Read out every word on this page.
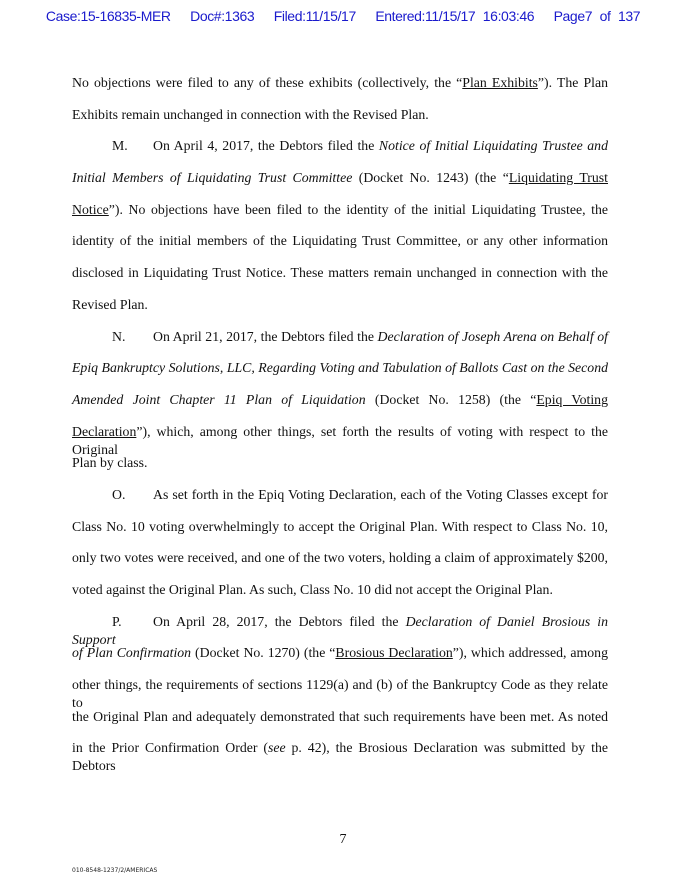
Case:15-16835-MER Doc#:1363 Filed:11/15/17 Entered:11/15/17 16:03:46 Page7 of 137
No objections were filed to any of these exhibits (collectively, the “Plan Exhibits”). The Plan
Exhibits remain unchanged in connection with the Revised Plan.
M. On April 4, 2017, the Debtors filed the Notice of Initial Liquidating Trustee and
Initial Members of Liquidating Trust Committee (Docket No. 1243) (the “Liquidating Trust
Notice”). No objections have been filed to the identity of the initial Liquidating Trustee, the
identity of the initial members of the Liquidating Trust Committee, or any other information
disclosed in Liquidating Trust Notice. These matters remain unchanged in connection with the
Revised Plan.
N. On April 21, 2017, the Debtors filed the Declaration of Joseph Arena on Behalf of
Epiq Bankruptcy Solutions, LLC, Regarding Voting and Tabulation of Ballots Cast on the Second
Amended Joint Chapter 11 Plan of Liquidation (Docket No. 1258) (the “Epiq Voting
Declaration”), which, among other things, set forth the results of voting with respect to the Original
Plan by class.
O. As set forth in the Epiq Voting Declaration, each of the Voting Classes except for
Class No. 10 voting overwhelmingly to accept the Original Plan. With respect to Class No. 10,
only two votes were received, and one of the two voters, holding a claim of approximately $200,
voted against the Original Plan. As such, Class No. 10 did not accept the Original Plan.
P. On April 28, 2017, the Debtors filed the Declaration of Daniel Brosious in Support
of Plan Confirmation (Docket No. 1270) (the “Brosious Declaration”), which addressed, among
other things, the requirements of sections 1129(a) and (b) of the Bankruptcy Code as they relate to
the Original Plan and adequately demonstrated that such requirements have been met. As noted
in the Prior Confirmation Order (see p. 42), the Brosious Declaration was submitted by the Debtors
7
010-8548-1237/2/AMERICAS
